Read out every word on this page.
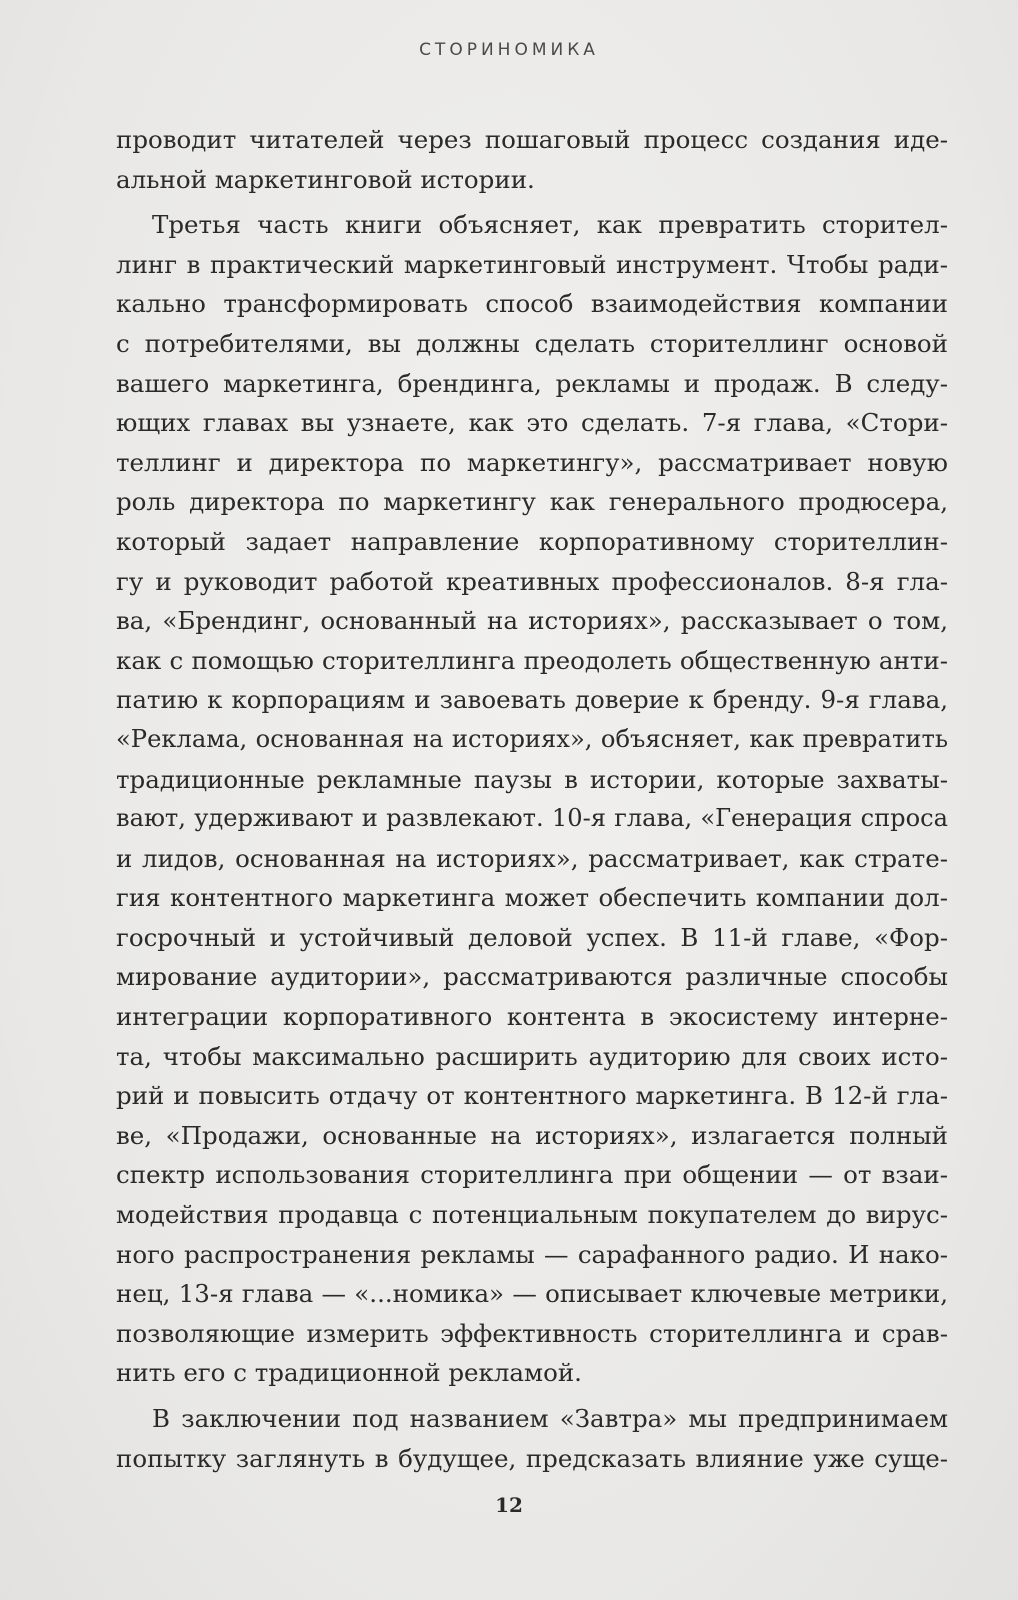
СТОРИНОМИКА
проводит читателей через пошаговый процесс создания иде-
альной маркетинговой истории.
Третья часть книги объясняет, как превратить сторител-
линг в практический маркетинговый инструмент. Чтобы ради-
кально трансформировать способ взаимодействия компании
с потребителями, вы должны сделать сторителлинг основой
вашего маркетинга, брендинга, рекламы и продаж. В следу-
ющих главах вы узнаете, как это сделать. 7-я глава, «Стори-
теллинг и директора по маркетингу», рассматривает новую
роль директора по маркетингу как генерального продюсера,
который задает направление корпоративному сторителлин-
гу и руководит работой креативных профессионалов. 8-я гла-
ва, «Брендинг, основанный на историях», рассказывает о том,
как с помощью сторителлинга преодолеть общественную анти-
патию к корпорациям и завоевать доверие к бренду. 9-я глава,
«Реклама, основанная на историях», объясняет, как превратить
традиционные рекламные паузы в истории, которые захваты-
вают, удерживают и развлекают. 10-я глава, «Генерация спроса
и лидов, основанная на историях», рассматривает, как страте-
гия контентного маркетинга может обеспечить компании дол-
госрочный и устойчивый деловой успех. В 11-й главе, «Фор-
мирование аудитории», рассматриваются различные способы
интеграции корпоративного контента в экосистему интерне-
та, чтобы максимально расширить аудиторию для своих исто-
рий и повысить отдачу от контентного маркетинга. В 12-й гла-
ве, «Продажи, основанные на историях», излагается полный
спектр использования сторителлинга при общении — от взаи-
модействия продавца с потенциальным покупателем до вирус-
ного распространения рекламы — сарафанного радио. И нако-
нец, 13-я глава — «...номика» — описывает ключевые метрики,
позволяющие измерить эффективность сторителлинга и срав-
нить его с традиционной рекламой.
В заключении под названием «Завтра» мы предпринимаем
попытку заглянуть в будущее, предсказать влияние уже суще-
12
